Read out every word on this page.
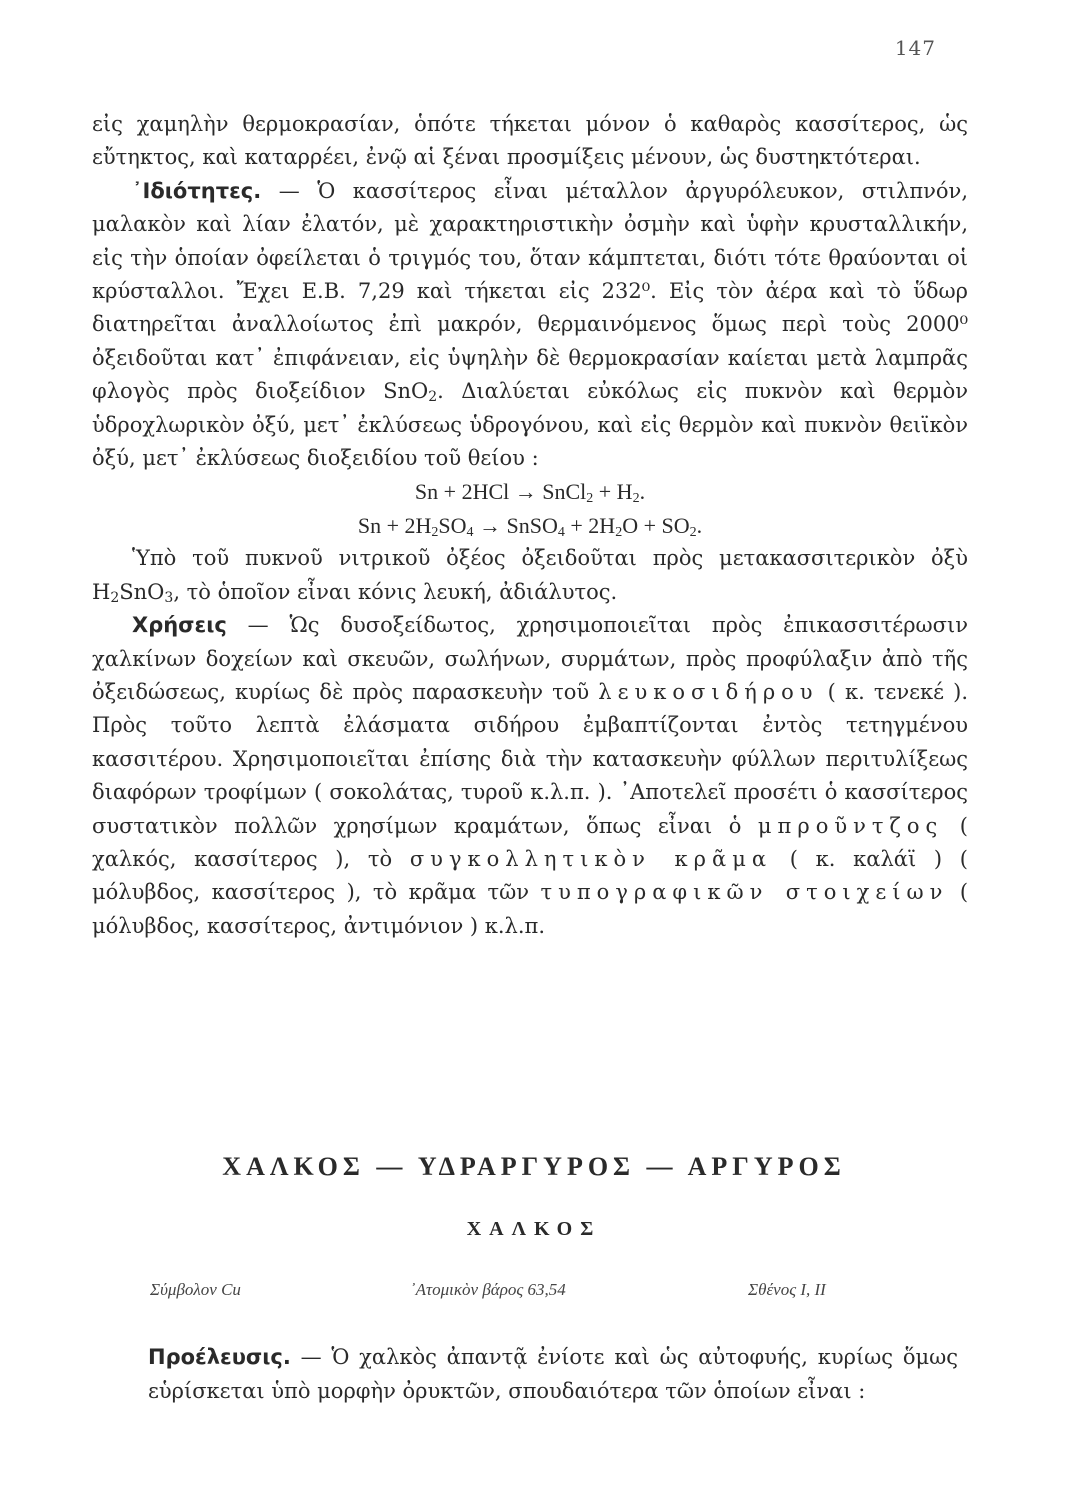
147

εἰς χαμηλὴν θερμοκρασίαν, ὁπότε τήκεται μόνον ὁ καθαρὸς κασσίτερος, ὡς εὔτηκτος, καὶ καταρρέει, ἐνῷ αἱ ξέναι προσμίξεις μένουν, ὡς δυστηκτότεραι.

᾿Ιδιότητες. — Ὁ κασσίτερος εἶναι μέταλλον ἀργυρόλευκον, στιλπνόν, μαλακὸν καὶ λίαν ἐλατόν, μὲ χαρακτηριστικὴν ὀσμὴν καὶ ὑφὴν κρυσταλλικήν, εἰς τὴν ὁποίαν ὀφείλεται ὁ τριγμός του, ὅταν κάμπτεται, διότι τότε θραύονται οἱ κρύσταλλοι. Ἔχει Ε.Β. 7,29 καὶ τήκεται εἰς 232⁰. Εἰς τὸν ἀέρα καὶ τὸ ὕδωρ διατηρεῖται ἀναλλοίωτος ἐπὶ μακρόν, θερμαινόμενος ὅμως περὶ τοὺς 2000⁰ ὀξειδοῦται κατ᾿ ἐπιφάνειαν, εἰς ὑψηλὴν δὲ θερμοκρασίαν καίεται μετὰ λαμπρᾶς φλογὸς πρὸς διοξείδιον SnO$_2$. Διαλύεται εὐκόλως εἰς πυκνὸν καὶ θερμὸν ὑδροχλωρικὸν ὀξύ, μετ᾿ ἐκλύσεως ὑδρογόνου, καὶ εἰς θερμὸν καὶ πυκνὸν θειϊκὸν ὀξύ, μετ᾿ ἐκλύσεως διοξειδίου τοῦ θείου :

Sn + 2HCl → SnCl$_2$ + $H_2$.

$Sn + 2H_2SO_4$ → SnSO$_4$ + $2H_2O + SO_2$.

Ὑπὸ τοῦ πυκνοῦ νιτρικοῦ ὀξέος ὀξειδοῦται πρὸς μετακασσιτερικὸν ὀξὺ $H_2SnO_3$, τὸ ὁποῖον εἶναι κόνις λευκή, ἀδιάλυτος.

Χρήσεις — Ὡς δυσοξείδωτος, χρησιμοποιεῖται πρὸς ἐπικασσιτέρωσιν χαλκίνων δοχείων καὶ σκευῶν, σωλήνων, συρμάτων, πρὸς προφύλαξιν ἀπὸ τῆς ὀξειδώσεως, κυρίως δὲ πρὸς παρασκευὴν τοῦ λευκοσιδήρου ( κ. τενεκέ ). Πρὸς τοῦτο λεπτὰ ἐλάσματα σιδήρου ἐμβαπτίζονται ἐντὸς τετηγμένου κασσιτέρου. Χρησιμοποιεῖται ἐπίσης διὰ τὴν κατασκευὴν φύλλων περιτυλίξεως διαφόρων τροφίμων ( σοκολάτας, τυροῦ κ.λ.π. ). ᾿Αποτελεῖ προσέτι ὁ κασσίτερος συστατικὸν πολλῶν χρησίμων κραμάτων, ὅπως εἶναι ὁ μπροῦντζος ( χαλκός, κασσίτερος ), τὸ συγκολλητικὸν κρᾶμα ( κ. καλάϊ ) ( μόλυβδος, κασσίτερος ), τὸ κρᾶμα τῶν τυπογραφικῶν στοιχείων ( μόλυβδος, κασσίτερος, ἀντιμόνιον ) κ.λ.π.

ΧΑΛΚΟΣ — ΥΔΡΑΡΓΥΡΟΣ — ΑΡΓΥΡΟΣ
ΧΑΛΚΟΣ
Σύμβολον Cu	᾿Ατομικὸν βάρος 63,54	Σθένος I, II

Προέλευσις. — Ὁ χαλκὸς ἀπαντᾷ ἐνίοτε καὶ ὡς αὐτοφυής, κυρίως ὅμως εὑρίσκεται ὑπὸ μορφὴν ὀρυκτῶν, σπουδαιότερα τῶν ὁποίων εἶναι :
